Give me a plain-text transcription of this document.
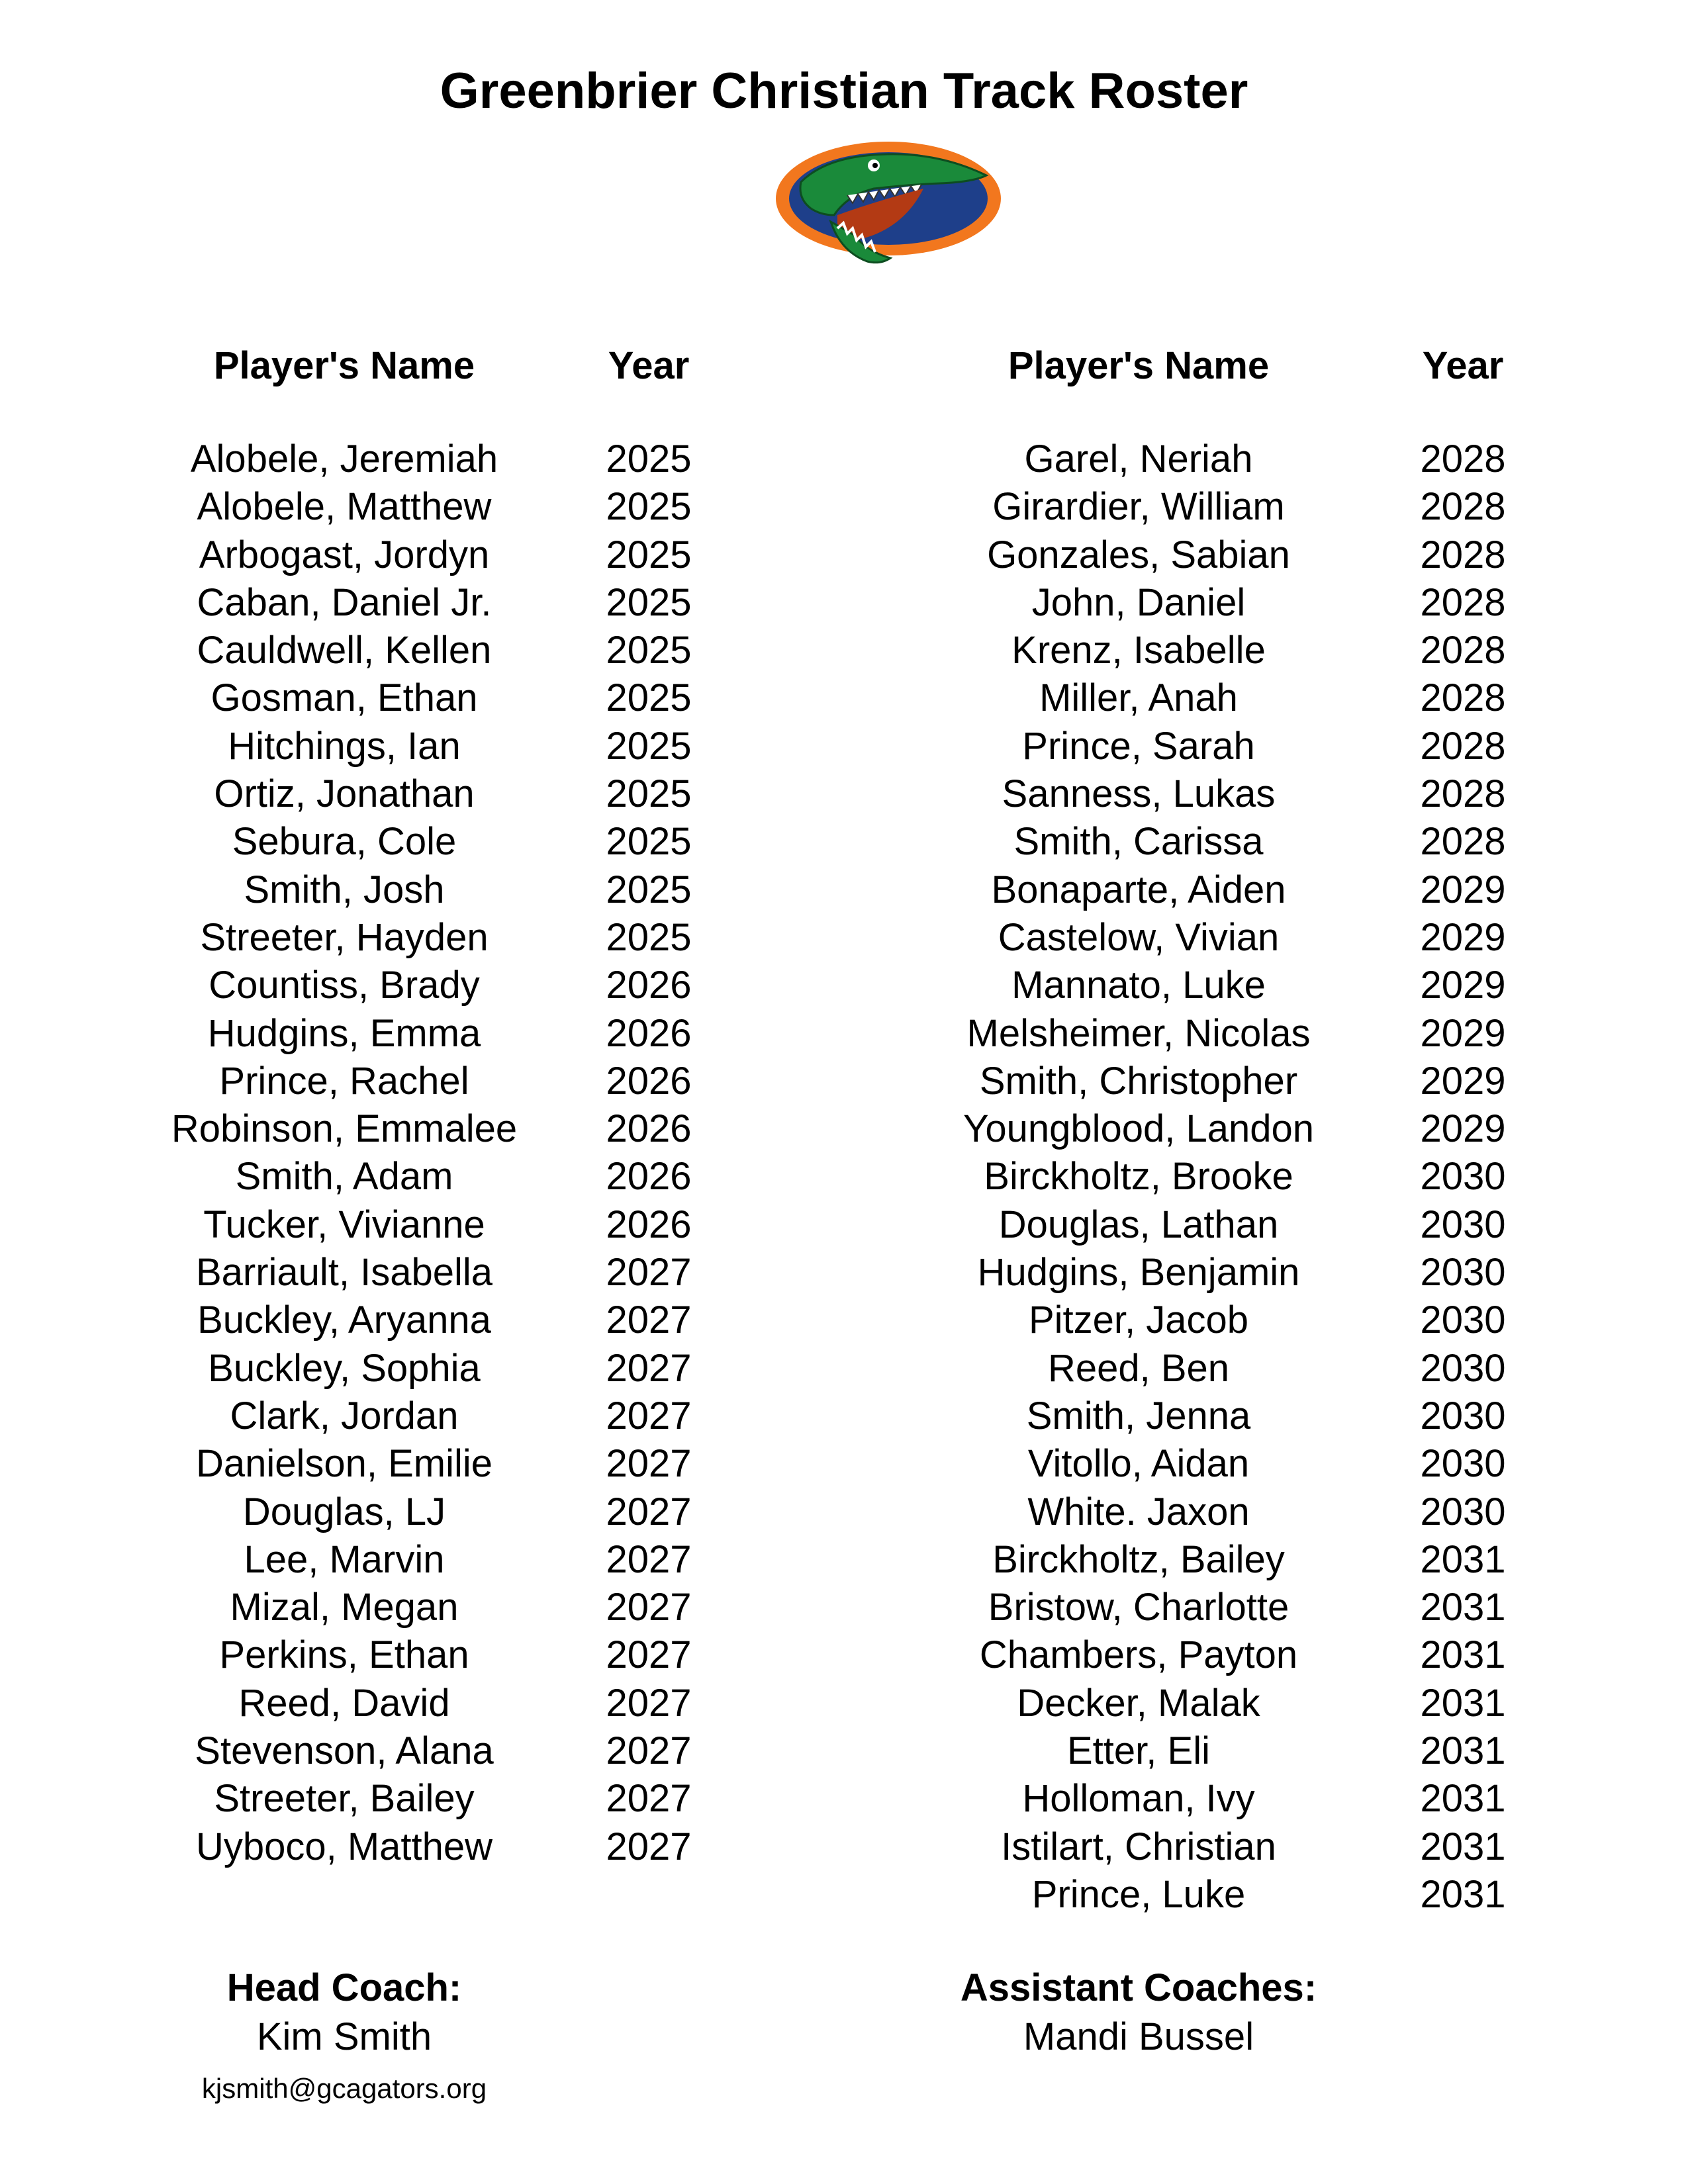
Greenbrier Christian Track Roster
Player's Name	Year	Player's Name	Year
Alobele, Jeremiah	2025
Alobele, Matthew	2025
Arbogast, Jordyn	2025
Caban, Daniel Jr.	2025
Cauldwell, Kellen	2025
Gosman, Ethan	2025
Hitchings, Ian	2025
Ortiz, Jonathan	2025
Sebura, Cole	2025
Smith, Josh	2025
Streeter, Hayden	2025
Countiss, Brady	2026
Hudgins, Emma	2026
Prince, Rachel	2026
Robinson, Emmalee	2026
Smith, Adam	2026
Tucker, Vivianne	2026
Barriault, Isabella	2027
Buckley, Aryanna	2027
Buckley, Sophia	2027
Clark, Jordan	2027
Danielson, Emilie	2027
Douglas, LJ	2027
Lee, Marvin	2027
Mizal, Megan	2027
Perkins, Ethan	2027
Reed, David	2027
Stevenson, Alana	2027
Streeter, Bailey	2027
Uyboco, Matthew	2027
Garel, Neriah	2028
Girardier, William	2028
Gonzales, Sabian	2028
John, Daniel	2028
Krenz, Isabelle	2028
Miller, Anah	2028
Prince, Sarah	2028
Sanness, Lukas	2028
Smith, Carissa	2028
Bonaparte, Aiden	2029
Castelow, Vivian	2029
Mannato, Luke	2029
Melsheimer, Nicolas	2029
Smith, Christopher	2029
Youngblood, Landon	2029
Birckholtz, Brooke	2030
Douglas, Lathan	2030
Hudgins, Benjamin	2030
Pitzer, Jacob	2030
Reed, Ben	2030
Smith, Jenna	2030
Vitollo, Aidan	2030
White. Jaxon	2030
Birckholtz, Bailey	2031
Bristow, Charlotte	2031
Chambers, Payton	2031
Decker, Malak	2031
Etter, Eli	2031
Holloman, Ivy	2031
Istilart, Christian	2031
Prince, Luke	2031
Head Coach:
Kim Smith
kjsmith@gcagators.org
Assistant Coaches:
Mandi Bussel
